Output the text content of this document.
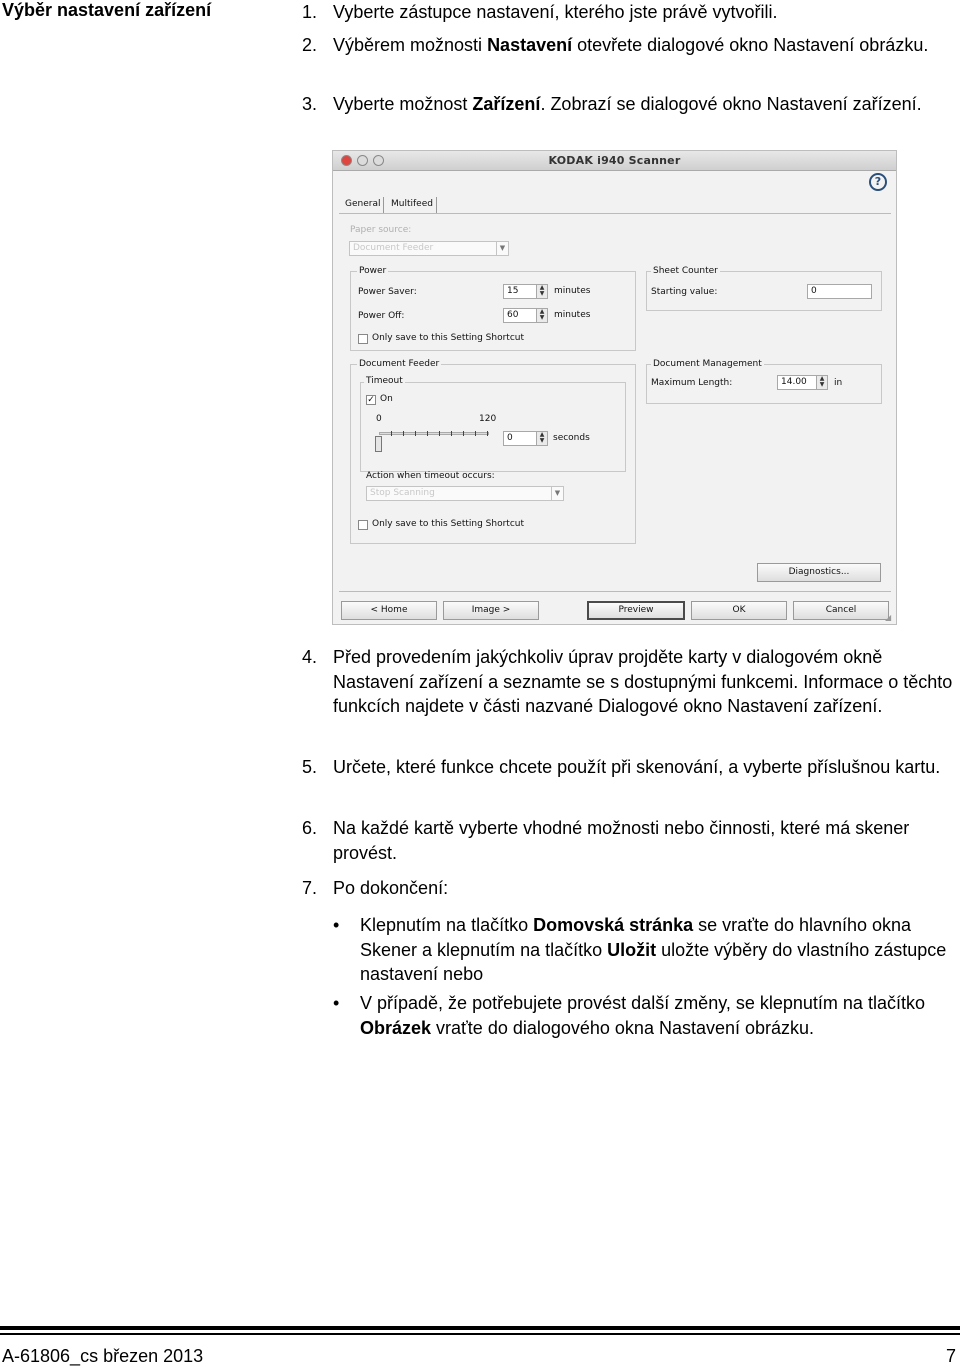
Výběr nastavení zařízení	1. Vyberte zástupce nastavení, kterého jste právě vytvořili.
2. Výběrem možnosti Nastavení otevřete dialogové okno Nastavení obrázku.
3. Vyberte možnost Zařízení. Zobrazí se dialogové okno Nastavení zařízení.
KODAK i940 Scanner
?
General	Multifeed
Paper source:
Document Feeder	▼
Power
Power Saver:	15	▲
▼	minutes
Power Off:	60	▲
▼	minutes
Only save to this Setting Shortcut
Sheet Counter
Starting value:	0
Document Feeder
Timeout
✓ On
0	120
0	▲
▼ seconds
Action when timeout occurs:
Stop Scanning	▼
Only save to this Setting Shortcut
Document Management
Maximum Length:	14.00	▲
▼	in
Diagnostics...
< Home	Image >	Preview	OK	Cancel
◢
4. Před provedením jakýchkoliv úprav projděte karty v dialogovém okně Nastavení zařízení a seznamte se s dostupnými funkcemi. Informace o těchto funkcích najdete v části nazvané Dialogové okno Nastavení zařízení.
5. Určete, které funkce chcete použít při skenování, a vyberte příslušnou kartu.
6. Na každé kartě vyberte vhodné možnosti nebo činnosti, které má skener provést.
7. Po dokončení:
• Klepnutím na tlačítko Domovská stránka se vraťte do hlavního okna Skener a klepnutím na tlačítko Uložit uložte výběry do vlastního zástupce nastavení nebo
• V případě, že potřebujete provést další změny, se klepnutím na tlačítko Obrázek vraťte do dialogového okna Nastavení obrázku.
A-61806_cs březen 2013	7
